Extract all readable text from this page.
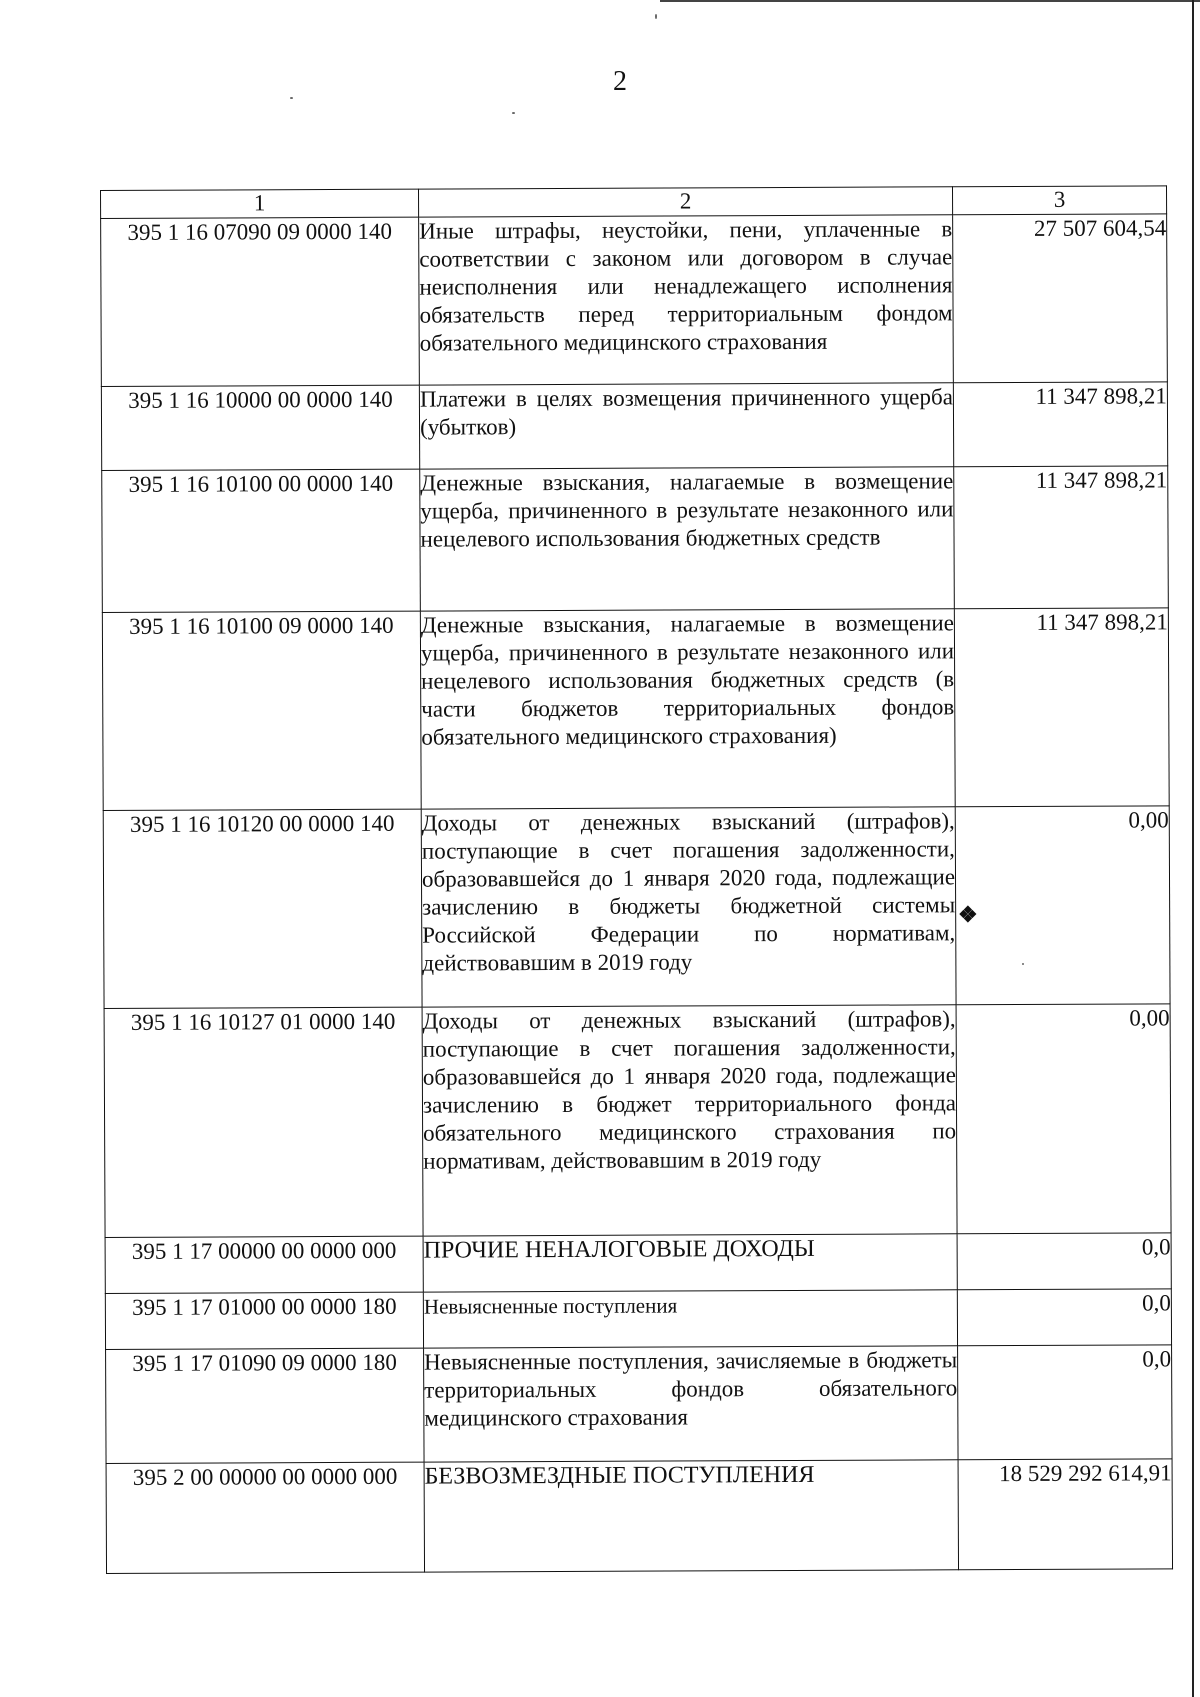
2
1	2	3
395 1 16 07090 09 0000 140	Иные штрафы, неустойки, пени, уплаченные в соответствии с законом или договором в случае неисполнения или ненадлежащего исполнения обязательств перед территориальным фондом обязательного медицинского страхования	27 507 604,54
395 1 16 10000 00 0000 140	Платежи в целях возмещения причиненного ущерба (убытков)	11 347 898,21
395 1 16 10100 00 0000 140	Денежные взыскания, налагаемые в возмещение ущерба, причиненного в результате незаконного или нецелевого использования бюджетных средств	11 347 898,21
395 1 16 10100 09 0000 140	Денежные взыскания, налагаемые в возмещение ущерба, причиненного в результате незаконного или нецелевого использования бюджетных средств (в части бюджетов территориальных фондов обязательного медицинского страхования)	11 347 898,21
395 1 16 10120 00 0000 140	Доходы от денежных взысканий (штрафов), поступающие в счет погашения задолженности, образовавшейся до 1 января 2020 года, подлежащие зачислению в бюджеты бюджетной системы Российской Федерации по нормативам, действовавшим в 2019 году	0,00
395 1 16 10127 01 0000 140	Доходы от денежных взысканий (штрафов), поступающие в счет погашения задолженности, образовавшейся до 1 января 2020 года, подлежащие зачислению в бюджет территориального фонда обязательного медицинского страхования по нормативам, действовавшим в 2019 году	0,00
395 1 17 00000 00 0000 000	ПРОЧИЕ НЕНАЛОГОВЫЕ ДОХОДЫ	0,0
395 1 17 01000 00 0000 180	Невыясненные поступления	0,0
395 1 17 01090 09 0000 180	Невыясненные поступления, зачисляемые в бюджеты территориальных фондов обязательного медицинского страхования	0,0
395 2 00 00000 00 0000 000	БЕЗВОЗМЕЗДНЫЕ ПОСТУПЛЕНИЯ	18 529 292 614,91
❖
